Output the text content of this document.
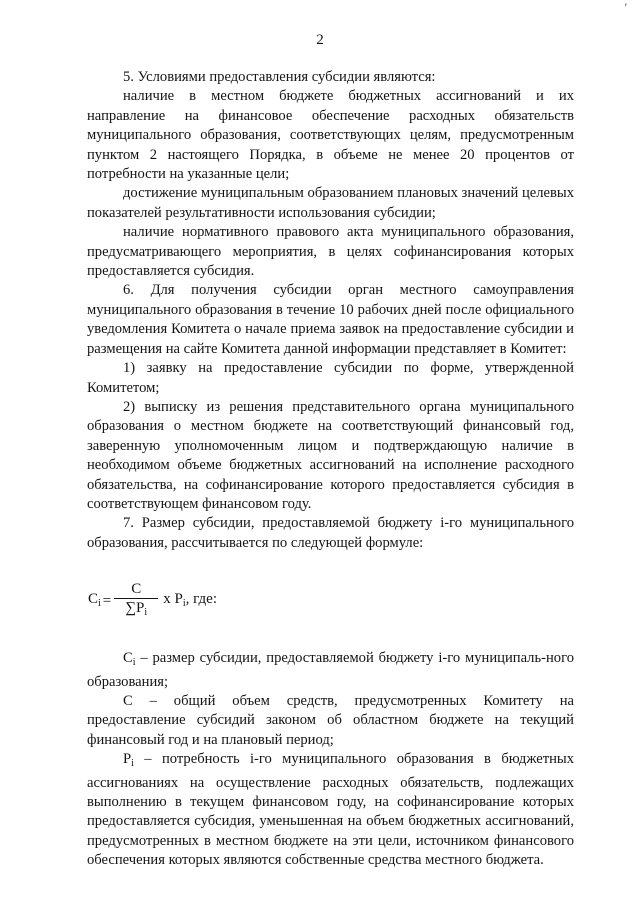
'
2

5. Условиями предоставления субсидии являются:

наличие в местном бюджете бюджетных ассигнований и их направление на финансовое обеспечение расходных обязательств муниципального образования, соответствующих целям, предусмотренным пунктом 2 настоящего Порядка, в объеме не менее 20 процентов от потребности на указанные цели;

достижение муниципальным образованием плановых значений целевых показателей результативности использования субсидии;

наличие нормативного правового акта муниципального образования, предусматривающего мероприятия, в целях софинансирования которых предоставляется субсидия.

6. Для получения субсидии орган местного самоуправления муниципального образования в течение 10 рабочих дней после официального уведомления Комитета о начале приема заявок на предоставление субсидии и размещения на сайте Комитета данной информации представляет в Комитет:

1) заявку на предоставление субсидии по форме, утвержденной Комитетом;

2) выписку из решения представительного органа муниципального образования о местном бюджете на соответствующий финансовый год, заверенную уполномоченным лицом и подтверждающую наличие в необходимом объеме бюджетных ассигнований на исполнение расходного обязательства, на софинансирование которого предоставляется субсидия в соответствующем финансовом году.

7. Размер субсидии, предоставляемой бюджету i-го муниципального образования, рассчитывается по следующей формуле:

$C_i = \frac{C}{\sum P_i}$ x $P_i$, где:

$C_i$ – размер субсидии, предоставляемой бюджету i-го муниципаль-ного образования;

C – общий объем средств, предусмотренных Комитету на предоставление субсидий законом об областном бюджете на текущий финансовый год и на плановый период;

$P_i$ – потребность i-го муниципального образования в бюджетных ассигнованиях на осуществление расходных обязательств, подлежащих выполнению в текущем финансовом году, на софинансирование которых предоставляется субсидия, уменьшенная на объем бюджетных ассигнований, предусмотренных в местном бюджете на эти цели, источником финансового обеспечения которых являются собственные средства местного бюджета.
